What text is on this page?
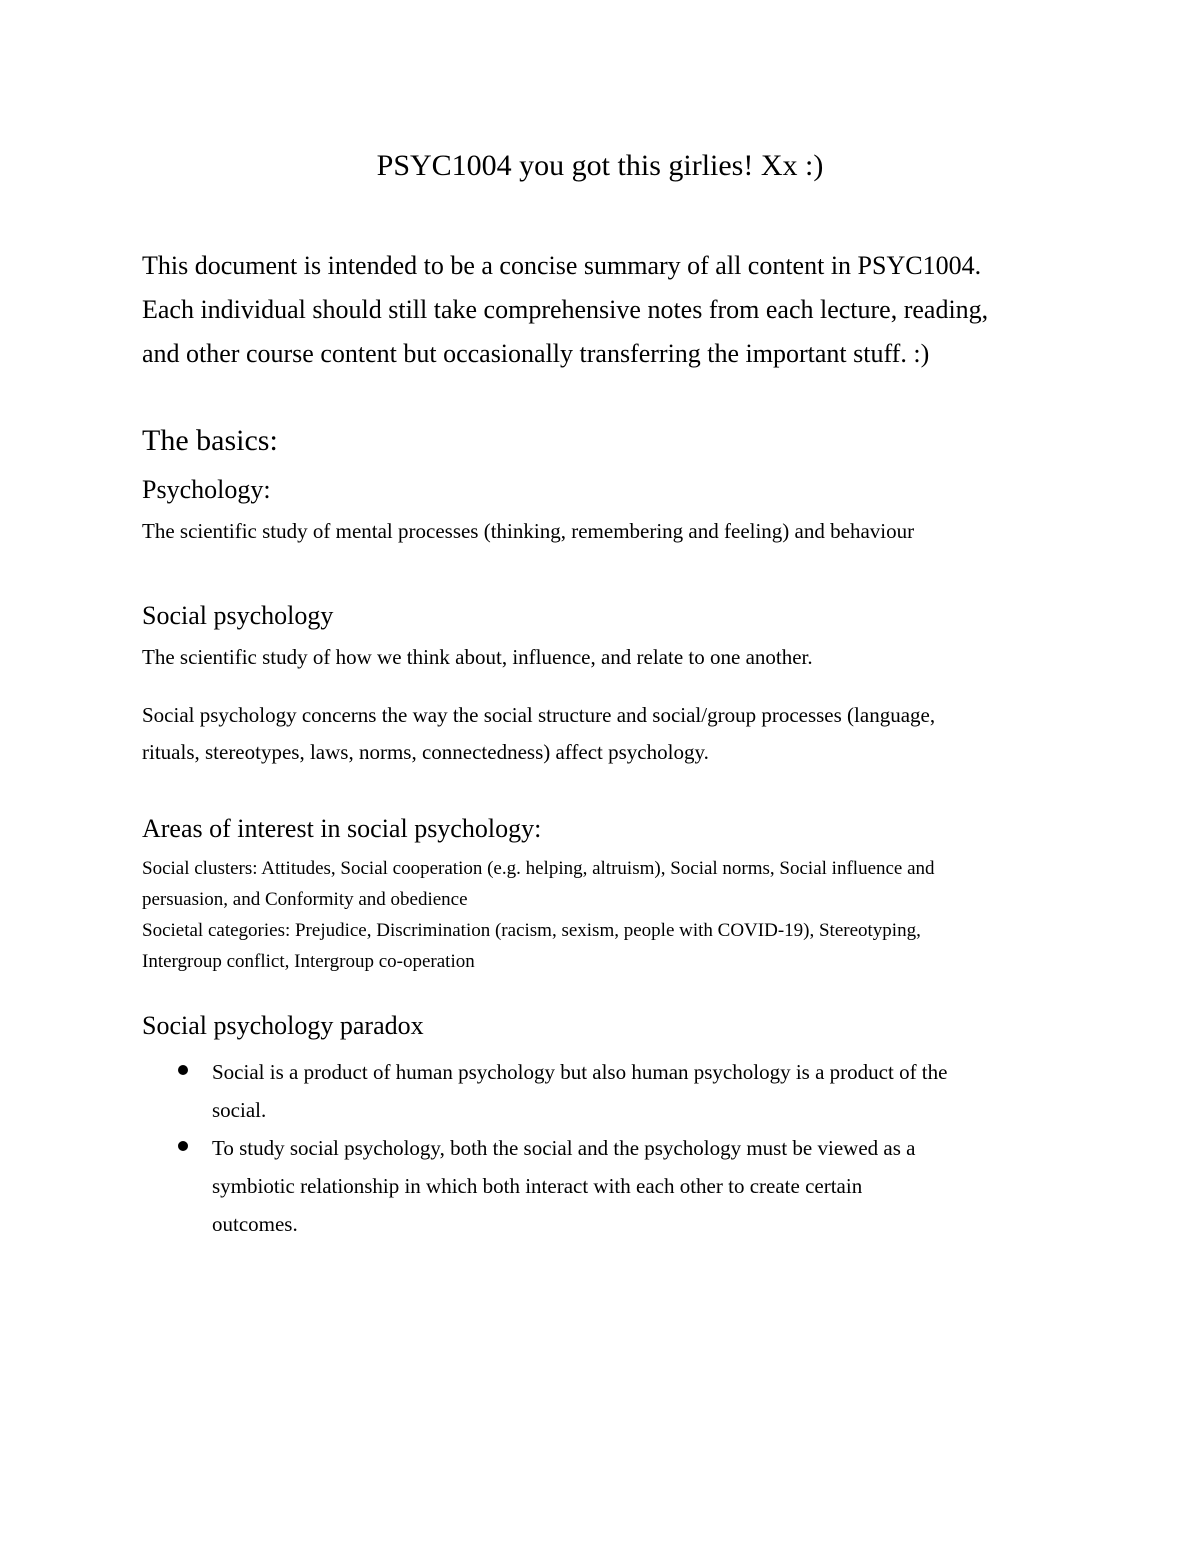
PSYC1004 you got this girlies! Xx :)
This document is intended to be a concise summary of all content in PSYC1004.
Each individual should still take comprehensive notes from each lecture, reading,
and other course content but occasionally transferring the important stuff. :)
The basics:
Psychology:
The scientific study of mental processes (thinking, remembering and feeling) and behaviour
Social psychology
The scientific study of how we think about, influence, and relate to one another.
Social psychology concerns the way the social structure and social/group processes (language,
rituals, stereotypes, laws, norms, connectedness) affect psychology.
Areas of interest in social psychology:
Social clusters: Attitudes, Social cooperation (e.g. helping, altruism), Social norms, Social influence and
persuasion, and Conformity and obedience
Societal categories: Prejudice, Discrimination (racism, sexism, people with COVID-19), Stereotyping,
Intergroup conflict, Intergroup co-operation
Social psychology paradox
Social is a product of human psychology but also human psychology is a product of the
social.
To study social psychology, both the social and the psychology must be viewed as a
symbiotic relationship in which both interact with each other to create certain
outcomes.
